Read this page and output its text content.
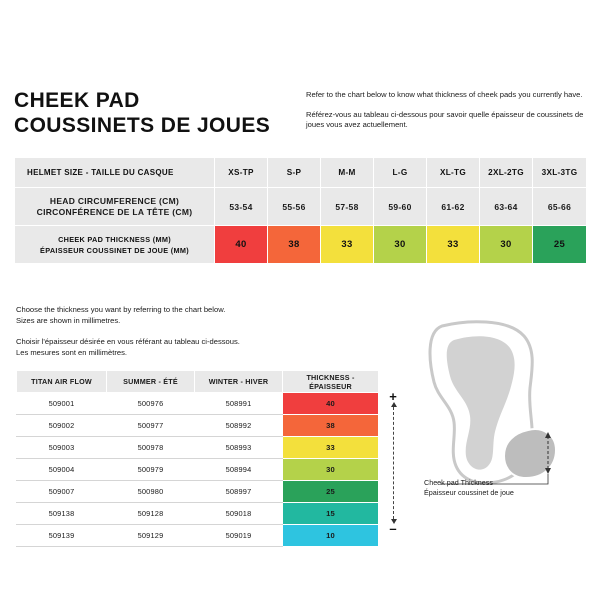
CHEEK PAD
COUSSINETS DE JOUES

Refer to the chart below to know what thickness of cheek pads you currently have.

Référez-vous au tableau ci-dessous pour savoir quelle épaisseur de coussinets de joues vous avez actuellement.

HELMET SIZE - TAILLE DU CASQUE	XS-TP	S-P	M-M	L-G	XL-TG	2XL-2TG	3XL-3TG

HEAD CIRCUMFERENCE (CM)
CIRCONFÉRENCE DE LA TÊTE (CM)	53-54	55-56	57-58	59-60	61-62	63-64	65-66

CHEEK PAD THICKNESS (MM)
ÉPAISSEUR COUSSINET DE JOUE (MM)	40	38	33	30	33	30	25

Choose the thickness you want by referring to the chart below.

Sizes are shown in millimetres.

Choisir l'épaisseur désirée en vous référant au tableau ci-dessous.

Les mesures sont en millimètres.

TITAN AIR FLOW	SUMMER - ÉTÉ	WINTER - HIVER	THICKNESS - ÉPAISSEUR
509001	500976	508991	40
509002	500977	508992	38
509003	500978	508993	33
509004	500979	508994	30
509007	500980	508997	25
509138	509128	509018	15
509139	509129	509019	10
+
–

Cheek pad Thickness

Épaisseur coussinet de joue
